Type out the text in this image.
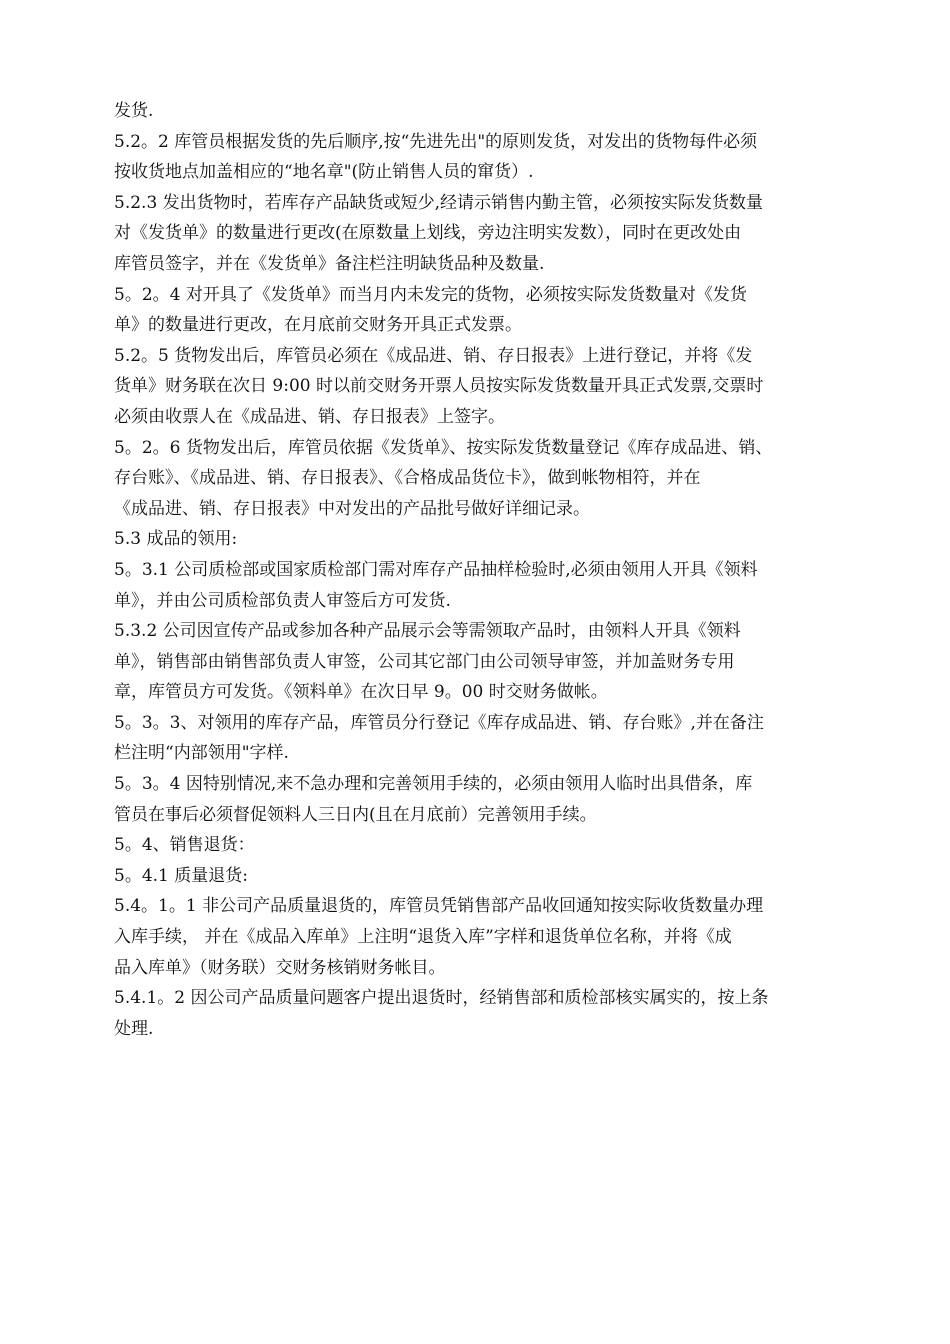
发货.
5.2。2 库管员根据发货的先后顺序,按“先进先出"的原则发货，对发出的货物每件必须
按收货地点加盖相应的“地名章"(防止销售人员的窜货）.
5.2.3 发出货物时，若库存产品缺货或短少,经请示销售内勤主管，必须按实际发货数量
对《发货单》的数量进行更改(在原数量上划线，旁边注明实发数），同时在更改处由
库管员签字，并在《发货单》备注栏注明缺货品种及数量.
5。2。4 对开具了《发货单》而当月内未发完的货物，必须按实际发货数量对《发货
单》的数量进行更改，在月底前交财务开具正式发票。
5.2。5 货物发出后，库管员必须在《成品进、销、存日报表》上进行登记，并将《发
货单》财务联在次日 9:00 时以前交财务开票人员按实际发货数量开具正式发票,交票时
必须由收票人在《成品进、销、存日报表》上签字。
5。2。6 货物发出后，库管员依据《发货单》、按实际发货数量登记《库存成品进、销、
存台账》、《成品进、销、存日报表》、《合格成品货位卡》，做到帐物相符，并在
《成品进、销、存日报表》中对发出的产品批号做好详细记录。
5.3 成品的领用:
5。3.1 公司质检部或国家质检部门需对库存产品抽样检验时,必须由领用人开具《领料
单》，并由公司质检部负责人审签后方可发货.
5.3.2 公司因宣传产品或参加各种产品展示会等需领取产品时，由领料人开具《领料
单》，销售部由销售部负责人审签，公司其它部门由公司领导审签，并加盖财务专用
章，库管员方可发货。《领料单》在次日早 9。00 时交财务做帐。
5。3。3、对领用的库存产品，库管员分行登记《库存成品进、销、存台账》,并在备注
栏注明“内部领用"字样.
5。3。4 因特别情况,来不急办理和完善领用手续的，必须由领用人临时出具借条，库
管员在事后必须督促领料人三日内(且在月底前）完善领用手续。
5。4、销售退货：
5。4.1 质量退货:
5.4。1。1 非公司产品质量退货的，库管员凭销售部产品收回通知按实际收货数量办理
入库手续， 并在《成品入库单》上注明“退货入库”字样和退货单位名称，并将《成
品入库单》（财务联）交财务核销财务帐目。
5.4.1。2 因公司产品质量问题客户提出退货时，经销售部和质检部核实属实的，按上条
处理.
